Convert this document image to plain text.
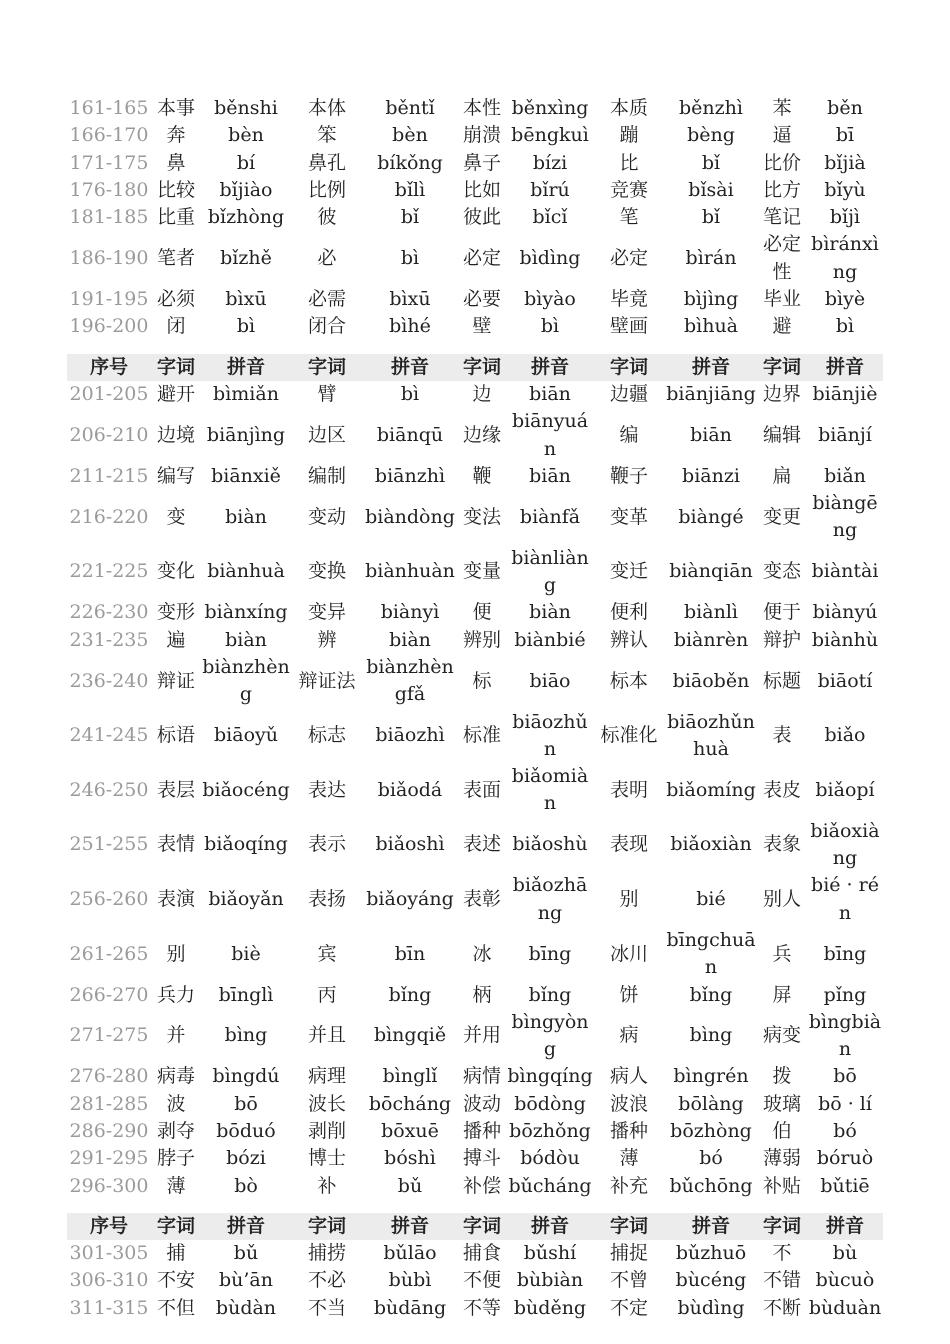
161-165	本事	běnshi	本体	běntǐ	本性	běnxìng	本质	běnzhì	苯	běn
166-170	奔	bèn	笨	bèn	崩溃	bēngkuì	蹦	bèng	逼	bī
171-175	鼻	bí	鼻孔	bíkǒng	鼻子	bízi	比	bǐ	比价	bǐjià
176-180	比较	bǐjiào	比例	bǐlì	比如	bǐrú	竞赛	bǐsài	比方	bǐyù
181-185	比重	bǐzhòng	彼	bǐ	彼此	bǐcǐ	笔	bǐ	笔记	bǐjì
186-190	笔者	bǐzhě	必	bì	必定	bìdìng	必定	bìrán	必定性	bìránxìng
191-195	必须	bìxū	必需	bìxū	必要	bìyào	毕竟	bìjìng	毕业	bìyè
196-200	闭	bì	闭合	bìhé	壁	bì	壁画	bìhuà	避	bì
序号	字词	拼音	字词	拼音	字词	拼音	字词	拼音	字词	拼音
201-205	避开	bìmiǎn	臂	bì	边	biān	边疆	biānjiāng	边界	biānjiè
206-210	边境	biānjìng	边区	biānqū	边缘	biānyuán	编	biān	编辑	biānjí
211-215	编写	biānxiě	编制	biānzhì	鞭	biān	鞭子	biānzi	扁	biǎn
216-220	变	biàn	变动	biàndòng	变法	biànfǎ	变革	biàngé	变更	biàngēng
221-225	变化	biànhuà	变换	biànhuàn	变量	biànliàng	变迁	biànqiān	变态	biàntài
226-230	变形	biànxíng	变异	biànyì	便	biàn	便利	biànlì	便于	biànyú
231-235	遍	biàn	辨	biàn	辨别	biànbié	辨认	biànrèn	辩护	biànhù
236-240	辩证	biànzhèng	辩证法	biànzhèngfǎ	标	biāo	标本	biāoběn	标题	biāotí
241-245	标语	biāoyǔ	标志	biāozhì	标准	biāozhǔn	标准化	biāozhǔnhuà	表	biǎo
246-250	表层	biǎocéng	表达	biǎodá	表面	biǎomiàn	表明	biǎomíng	表皮	biǎopí
251-255	表情	biǎoqíng	表示	biǎoshì	表述	biǎoshù	表现	biǎoxiàn	表象	biǎoxiàng
256-260	表演	biǎoyǎn	表扬	biǎoyáng	表彰	biǎozhāng	别	bié	别人	bié · rén
261-265	别	biè	宾	bīn	冰	bīng	冰川	bīngchuān	兵	bīng
266-270	兵力	bīnglì	丙	bǐng	柄	bǐng	饼	bǐng	屏	pǐng
271-275	并	bìng	并且	bìngqiě	并用	bìngyòng	病	bìng	病变	bìngbiàn
276-280	病毒	bìngdú	病理	bìnglǐ	病情	bìngqíng	病人	bìngrén	拨	bō
281-285	波	bō	波长	bōcháng	波动	bōdòng	波浪	bōlàng	玻璃	bō · lí
286-290	剥夺	bōduó	剥削	bōxuē	播种	bōzhǒng	播种	bōzhòng	伯	bó
291-295	脖子	bózi	博士	bóshì	搏斗	bódòu	薄	bó	薄弱	bóruò
296-300	薄	bò	补	bǔ	补偿	bǔcháng	补充	bǔchōng	补贴	bǔtiē
序号	字词	拼音	字词	拼音	字词	拼音	字词	拼音	字词	拼音
301-305	捕	bǔ	捕捞	bǔlāo	捕食	bǔshí	捕捉	bǔzhuō	不	bù
306-310	不安	bù’ān	不必	bùbì	不便	bùbiàn	不曾	bùcéng	不错	bùcuò
311-315	不但	bùdàn	不当	bùdāng	不等	bùděng	不定	bùdìng	不断	bùduàn
